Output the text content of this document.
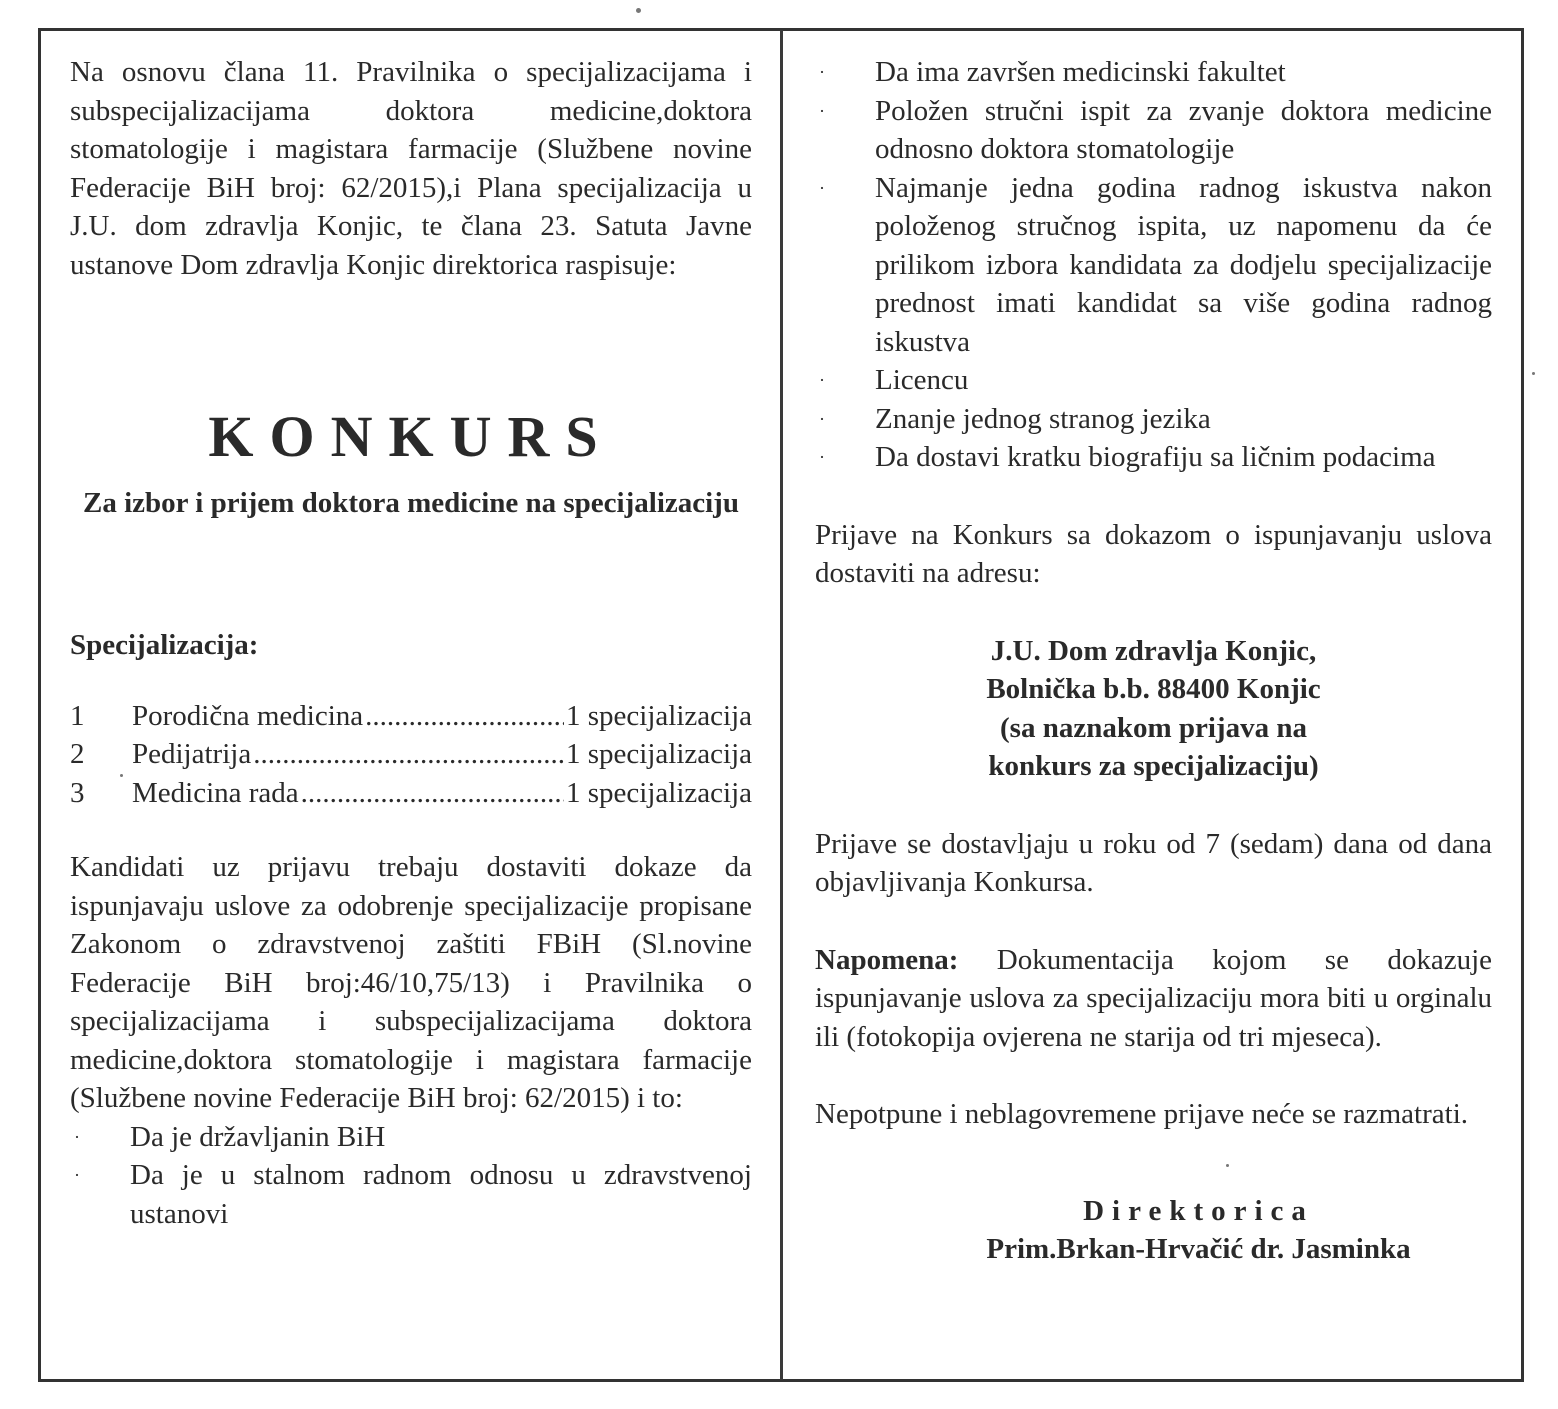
Na osnovu člana 11. Pravilnika o specijalizacijama i subspecijalizacijama doktora medicine,doktora stomatologije i magistara farmacije (Službene novine Federacije BiH broj: 62/2015),i Plana specijalizacija u J.U. dom zdravlja Konjic, te člana 23. Satuta Javne ustanove Dom zdravlja Konjic direktorica raspisuje:

KONKURS

Za izbor i prijem doktora medicine na specijalizaciju

Specijalizacija:

1	Porodična medicina .....	1 specijalizacija
2	Pedijatrija .....	1 specijalizacija
3	Medicina rada .....	1 specijalizacija

Kandidati uz prijavu trebaju dostaviti dokaze da ispunjavaju uslove za odobrenje specijalizacije propisane Zakonom o zdravstvenoj zaštiti FBiH (Sl.novine Federacije BiH broj:46/10,75/13) i Pravilnika o specijalizacijama i subspecijalizacijama doktora medicine,doktora stomatologije i magistara farmacije (Službene novine Federacije BiH broj: 62/2015) i to:

·	Da je državljanin BiH
·	Da je u stalnom radnom odnosu u zdravstvenoj ustanovi
·	Da ima završen medicinski fakultet
·	Položen stručni ispit za zvanje doktora medicine odnosno doktora stomatologije
·	Najmanje jedna godina radnog iskustva nakon položenog stručnog ispita, uz napomenu da će prilikom izbora kandidata za dodjelu specijalizacije prednost imati kandidat sa više godina radnog iskustva
·	Licencu
·	Znanje jednog stranog jezika
·	Da dostavi kratku biografiju sa ličnim podacima

Prijave na Konkurs sa dokazom o ispunjavanju uslova dostaviti na adresu:

J.U. Dom zdravlja Konjic,

Bolnička b.b. 88400 Konjic

(sa naznakom prijava na

konkurs za specijalizaciju)

Prijave se dostavljaju u roku od 7 (sedam) dana od dana objavljivanja Konkursa.

Napomena: Dokumentacija kojom se dokazuje ispunjavanje uslova za specijalizaciju mora biti u orginalu ili (fotokopija ovjerena ne starija od tri mjeseca).

Nepotpune i neblagovremene prijave neće se razmatrati.

Direktorica

Prim.Brkan-Hrvačić dr. Jasminka
